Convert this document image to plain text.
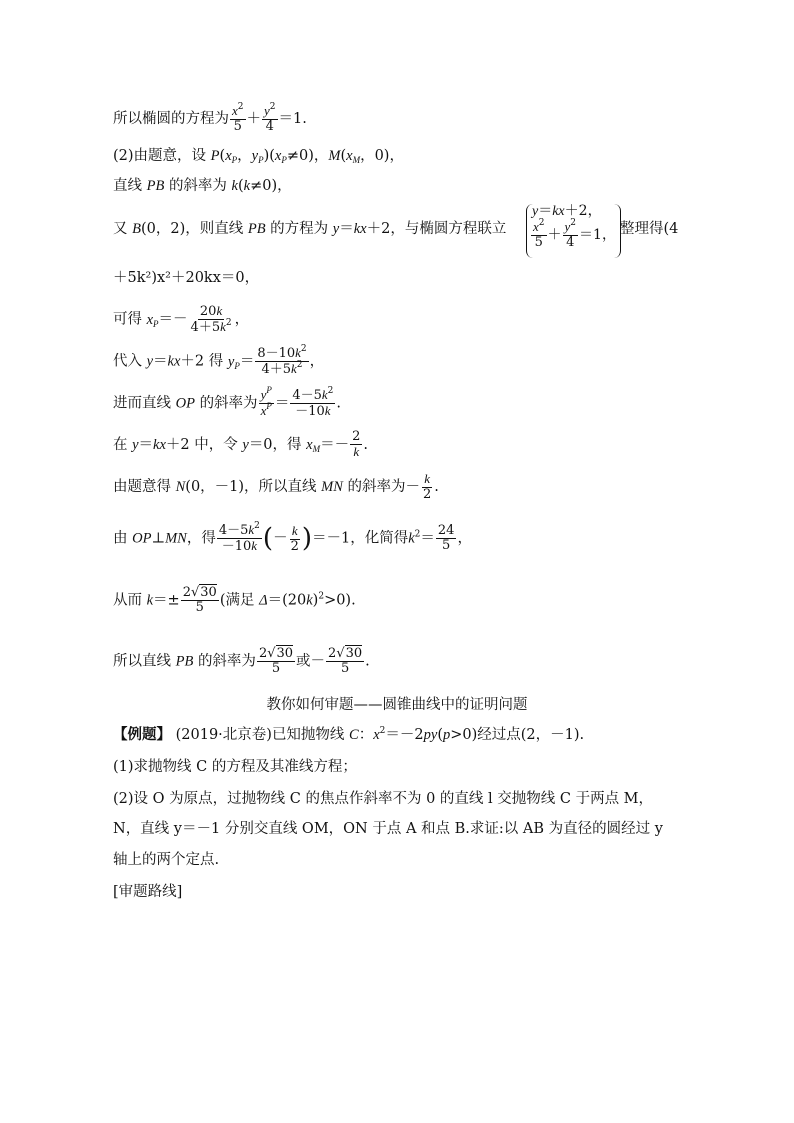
所以椭圆的方程为 $\frac{x^2}{5} + \frac{y^2}{4} =1$.
(2)由题意，设 $P(x_P$，$y_P)(x_P\ne 0)$，$M(x_M$，0)，
直线 PB 的斜率为 k(k≠0)，
又 B(0，2)，则直线 PB 的方程为 y＝kx＋2，与椭圆方程联立
y＝kx＋2，
$\frac{x^2}{5} + \frac{y^2}{4} =1$， 整理得(4
＋5k²)x²＋20kx＝0，
可得 $x_P=- \frac{20k}{4+5k^2}$ ，
代入 y＝kx＋2 得 $y_P= \frac{8-10k^2}{4+5k^2}$ ，
进而直线 OP 的斜率为 $\frac{y^P}{x^P} = \frac{4-5k^2}{-10k}$ .
在 y＝kx＋2 中，令 y＝0，得 $x_M=- \frac{2}{k}$ .
由题意得 N(0，－1)，所以直线 MN 的斜率为－ $\frac{k}{2}$ .
由 OP⊥MN，得 $\frac{4-5k^2}{-10k}$ (－ $\frac{k}{2} )=-1$，化简得$k^2= \frac{24}{5}$ ，
从而 $k=\pm \frac{2√30}{5}$ (满足 $\Delta=(20k)^2>0$).
所以直线 PB 的斜率为 $\frac{2√30}{5}$ 或－ $\frac{2√30}{5}$ .
教你如何审题——圆锥曲线中的证明问题
【例题】 (2019·北京卷)已知抛物线 C：$x^2=-2py(p>0)$经过点(2，－1).
(1)求抛物线 C 的方程及其准线方程；
(2)设 O 为原点，过抛物线 C 的焦点作斜率不为 0 的直线 l 交抛物线 C 于两点 M，
N，直线 y＝－1 分别交直线 OM，ON 于点 A 和点 B.求证:以 AB 为直径的圆经过 y
轴上的两个定点.
[审题路线]
